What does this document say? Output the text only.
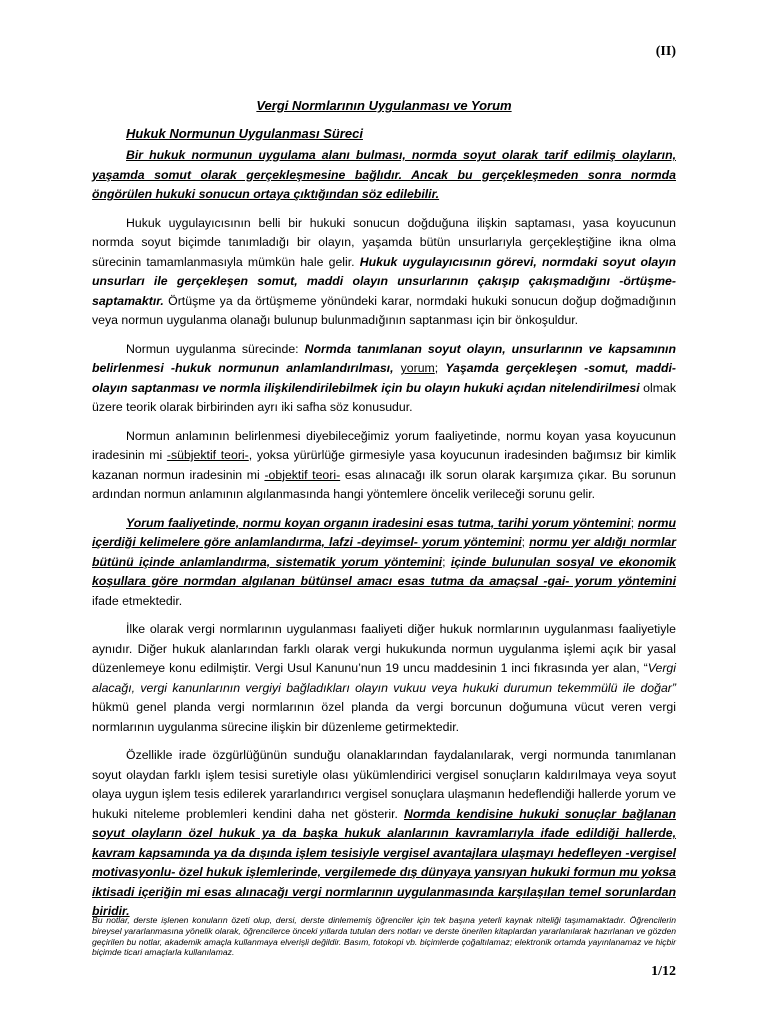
(II)
Vergi Normlarının Uygulanması ve Yorum
Hukuk Normunun Uygulanması Süreci

Bir hukuk normunun uygulama alanı bulması, normda soyut olarak tarif edilmiş olayların, yaşamda somut olarak gerçekleşmesine bağlıdır. Ancak bu gerçekleşmeden sonra normda öngörülen hukuki sonucun ortaya çıktığından söz edilebilir.

Hukuk uygulayıcısının belli bir hukuki sonucun doğduğuna ilişkin saptaması, yasa koyucunun normda soyut biçimde tanımladığı bir olayın, yaşamda bütün unsurlarıyla gerçekleştiğine ikna olma sürecinin tamamlanmasıyla mümkün hale gelir. Hukuk uygulayıcısının görevi, normdaki soyut olayın unsurları ile gerçekleşen somut, maddi olayın unsurlarının çakışıp çakışmadığını -örtüşme- saptamaktır. Örtüşme ya da örtüşmeme yönündeki karar, normdaki hukuki sonucun doğup doğmadığının veya normun uygulanma olanağı bulunup bulunmadığının saptanması için bir önkoşuldur.

Normun uygulanma sürecinde: Normda tanımlanan soyut olayın, unsurlarının ve kapsamının belirlenmesi -hukuk normunun anlamlandırılması, yorum; Yaşamda gerçekleşen -somut, maddi- olayın saptanması ve normla ilişkilendirilebilmek için bu olayın hukuki açıdan nitelendirilmesi olmak üzere teorik olarak birbirinden ayrı iki safha söz konusudur.

Normun anlamının belirlenmesi diyebileceğimiz yorum faaliyetinde, normu koyan yasa koyucunun iradesinin mi -sübjektif teori-, yoksa yürürlüğe girmesiyle yasa koyucunun iradesinden bağımsız bir kimlik kazanan normun iradesinin mi -objektif teori- esas alınacağı ilk sorun olarak karşımıza çıkar. Bu sorunun ardından normun anlamının algılanmasında hangi yöntemlere öncelik verileceği sorunu gelir.

Yorum faaliyetinde, normu koyan organın iradesini esas tutma, tarihi yorum yöntemini; normu içerdiği kelimelere göre anlamlandırma, lafzi -deyimsel- yorum yöntemini; normu yer aldığı normlar bütünü içinde anlamlandırma, sistematik yorum yöntemini; içinde bulunulan sosyal ve ekonomik koşullara göre normdan algılanan bütünsel amacı esas tutma da amaçsal -gai- yorum yöntemini ifade etmektedir.

İlke olarak vergi normlarının uygulanması faaliyeti diğer hukuk normlarının uygulanması faaliyetiyle aynıdır. Diğer hukuk alanlarından farklı olarak vergi hukukunda normun uygulanma işlemi açık bir yasal düzenlemeye konu edilmiştir. Vergi Usul Kanunu’nun 19 uncu maddesinin 1 inci fıkrasında yer alan, “Vergi alacağı, vergi kanunlarının vergiyi bağladıkları olayın vukuu veya hukuki durumun tekemmülü ile doğar” hükmü genel planda vergi normlarının özel planda da vergi borcunun doğumuna vücut veren vergi normlarının uygulanma sürecine ilişkin bir düzenleme getirmektedir.

Özellikle irade özgürlüğünün sunduğu olanaklarından faydalanılarak, vergi normunda tanımlanan soyut olaydan farklı işlem tesisi suretiyle olası yükümlendirici vergisel sonuçların kaldırılmaya veya soyut olaya uygun işlem tesis edilerek yararlandırıcı vergisel sonuçlara ulaşmanın hedeflendiği hallerde yorum ve hukuki niteleme problemleri kendini daha net gösterir. Normda kendisine hukuki sonuçlar bağlanan soyut olayların özel hukuk ya da başka hukuk alanlarının kavramlarıyla ifade edildiği hallerde, kavram kapsamında ya da dışında işlem tesisiyle vergisel avantajlara ulaşmayı hedefleyen -vergisel motivasyonlu- özel hukuk işlemlerinde, vergilemede dış dünyaya yansıyan hukuki formun mu yoksa iktisadi içeriğin mi esas alınacağı vergi normlarının uygulanmasında karşılaşılan temel sorunlardan biridir.

Bu notlar, derste işlenen konuların özeti olup, dersi, derste dinlememiş öğrenciler için tek başına yeterli kaynak niteliği taşımamaktadır. Öğrencilerin bireysel yararlanmasına yönelik olarak, öğrencilerce önceki yıllarda tutulan ders notları ve derste önerilen kitaplardan yararlanılarak hazırlanan ve gözden geçirilen bu notlar, akademik amaçla kullanmaya elverişli değildir. Basım, fotokopi vb. biçimlerde çoğaltılamaz; elektronik ortamda yayınlanamaz ve hiçbir biçimde ticari amaçlarla kullanılamaz.
1/12
